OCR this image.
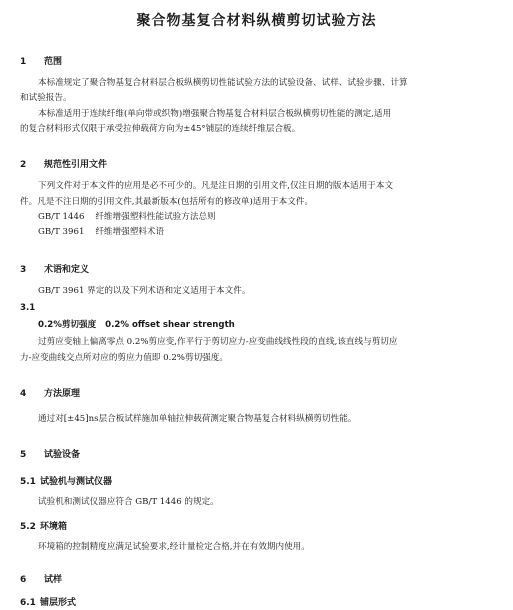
聚合物基复合材料纵横剪切试验方法
1 范围
本标准规定了聚合物基复合材料层合板纵横剪切性能试验方法的试验设备、试样、试验步骤、计算
和试验报告。
本标准适用于连续纤维(单向带或织物)增强聚合物基复合材料层合板纵横剪切性能的测定,适用
的复合材料形式仅限于承受拉伸载荷方向为±45°铺层的连续纤维层合板。
2 规范性引用文件
下列文件对于本文件的应用是必不可少的。凡是注日期的引用文件,仅注日期的版本适用于本文
件。凡是不注日期的引用文件,其最新版本(包括所有的修改单)适用于本文件。
GB/T 1446    纤维增强塑料性能试验方法总则
GB/T 3961    纤维增强塑料术语
3 术语和定义
GB/T 3961 界定的以及下列术语和定义适用于本文件。
3.1
0.2%剪切强度   0.2% offset shear strength
过剪应变轴上偏离零点 0.2%剪应变,作平行于剪切应力-应变曲线线性段的直线,该直线与剪切应
力-应变曲线交点所对应的剪应力值即 0.2%剪切强度。
4 方法原理
通过对[±45]ns层合板试样施加单轴拉伸载荷测定聚合物基复合材料纵横剪切性能。
5 试验设备
5.1 试验机与测试仪器
试验机和测试仪器应符合 GB/T 1446 的规定。
5.2 环境箱
环境箱的控制精度应满足试验要求,经计量检定合格,并在有效期内使用。
6 试样
6.1 铺层形式
